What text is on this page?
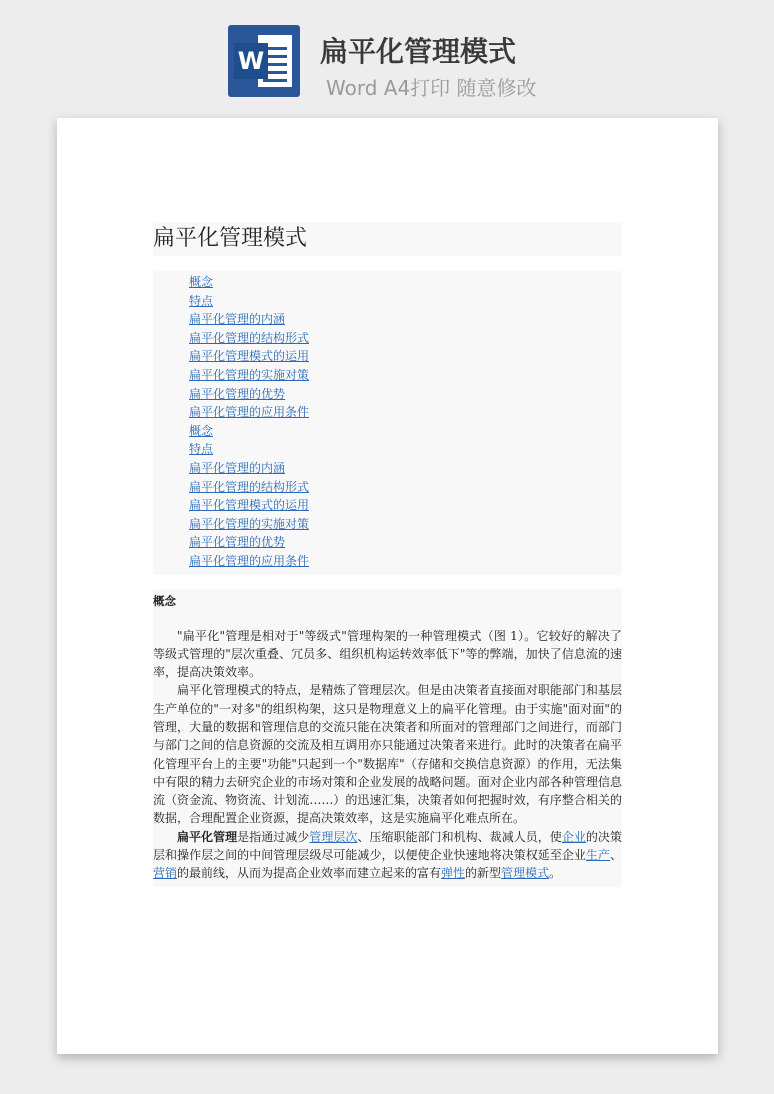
W 扁平化管理模式
Word A4打印 随意修改

扁平化管理模式
概念
特点
扁平化管理的内涵
扁平化管理的结构形式
扁平化管理模式的运用
扁平化管理的实施对策
扁平化管理的优势
扁平化管理的应用条件
概念
特点
扁平化管理的内涵
扁平化管理的结构形式
扁平化管理模式的运用
扁平化管理的实施对策
扁平化管理的优势
扁平化管理的应用条件
概念

"扁平化"管理是相对于"等级式"管理构架的一种管理模式（图 1）。它较好的解决了等级式管理的"层次重叠、冗员多、组织机构运转效率低下"等的弊端，加快了信息流的速率，提高决策效率。

扁平化管理模式的特点，是精炼了管理层次。但是由决策者直接面对职能部门和基层生产单位的"一对多"的组织构架，这只是物理意义上的扁平化管理。由于实施"面对面"的管理，大量的数据和管理信息的交流只能在决策者和所面对的管理部门之间进行，而部门与部门之间的信息资源的交流及相互调用亦只能通过决策者来进行。此时的决策者在扁平化管理平台上的主要"功能"只起到一个"数据库"（存储和交换信息资源）的作用，无法集中有限的精力去研究企业的市场对策和企业发展的战略问题。面对企业内部各种管理信息流（资金流、物资流、计划流……）的迅速汇集，决策者如何把握时效，有序整合相关的数据，合理配置企业资源，提高决策效率，这是实施扁平化难点所在。

扁平化管理是指通过减少管理层次、压缩职能部门和机构、裁减人员，使企业的决策层和操作层之间的中间管理层级尽可能减少，以便使企业快速地将决策权延至企业生产、营销的最前线，从而为提高企业效率而建立起来的富有弹性的新型管理模式。
